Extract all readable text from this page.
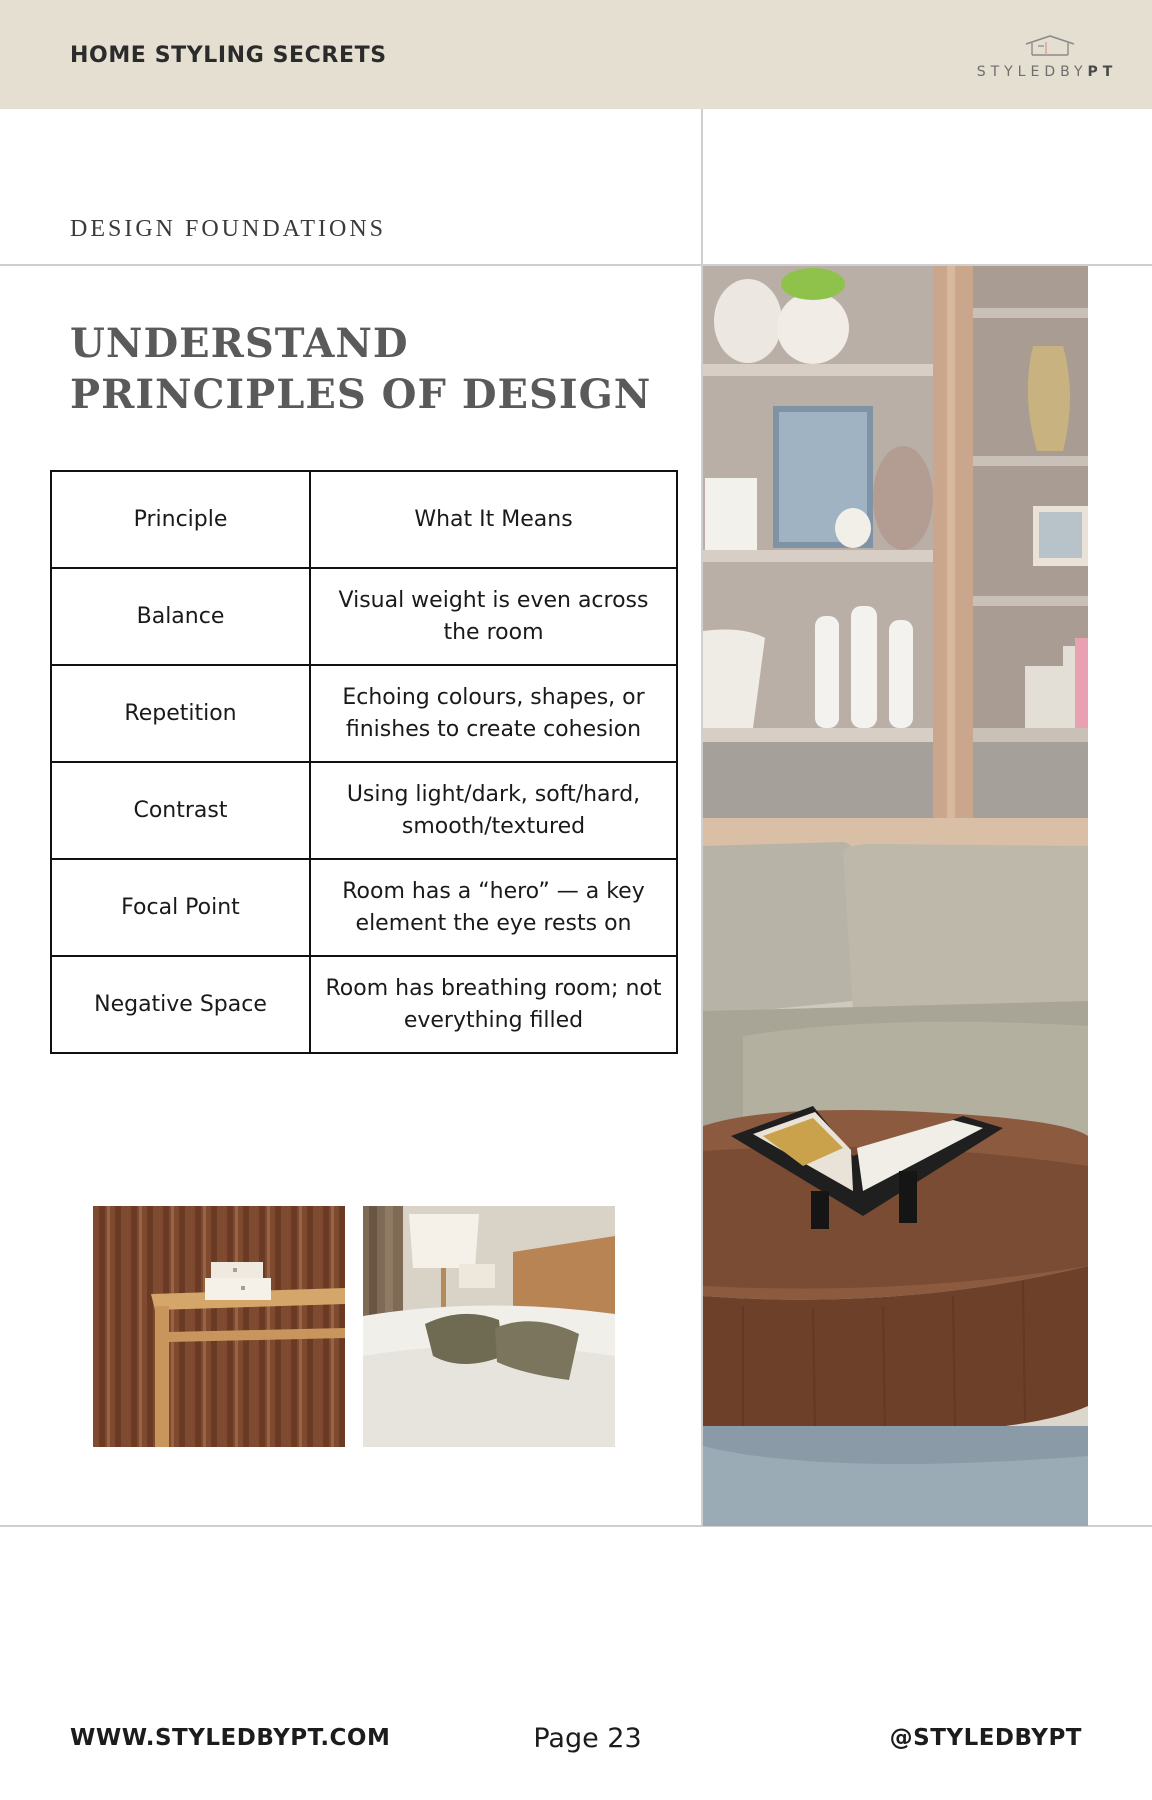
HOME STYLING SECRETS
STYLEDBYPT
DESIGN FOUNDATIONS
UNDERSTAND
PRINCIPLES OF DESIGN
Principle	What It Means
Balance	Visual weight is even across the room
Repetition	Echoing colours, shapes, or finishes to create cohesion
Contrast	Using light/dark, soft/hard, smooth/textured
Focal Point	Room has a “hero” — a key element the eye rests on
Negative Space	Room has breathing room; not everything filled
WWW.STYLEDBYPT.COM	Page 23	@STYLEDBYPT
